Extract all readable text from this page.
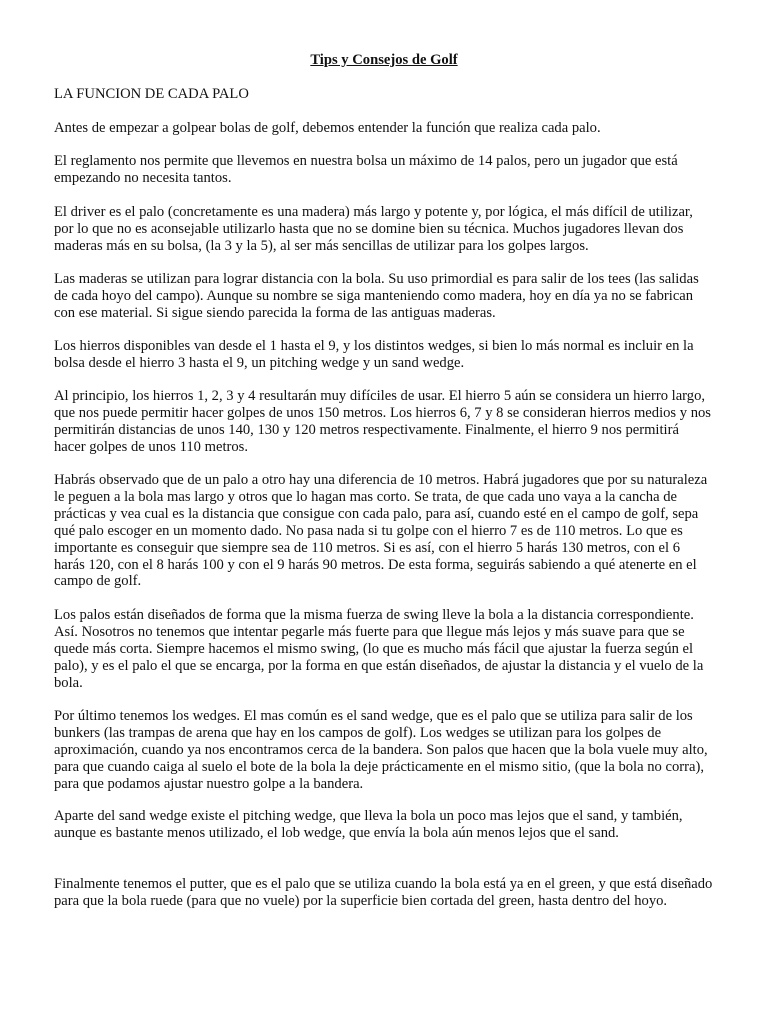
Tips y Consejos de Golf
LA FUNCION DE CADA PALO

Antes de empezar a golpear bolas de golf, debemos entender la función que realiza cada palo.

El reglamento nos permite que llevemos en nuestra bolsa un máximo de 14 palos, pero un jugador que está empezando no necesita tantos.

El driver es el palo (concretamente es una madera) más largo y potente y, por lógica, el más difícil de utilizar, por lo que no es aconsejable utilizarlo hasta que no se domine bien su técnica. Muchos jugadores llevan dos maderas más en su bolsa, (la 3 y la 5), al ser más sencillas de utilizar para los golpes largos.

Las maderas se utilizan para lograr distancia con la bola. Su uso primordial es para salir de los tees (las salidas de cada hoyo del campo). Aunque su nombre se siga manteniendo como madera, hoy en día ya no se fabrican con ese material. Si sigue siendo parecida la forma de las antiguas maderas.

Los hierros disponibles van desde el 1 hasta el 9, y los distintos wedges, si bien lo más normal es incluir en la bolsa desde el hierro 3 hasta el 9, un pitching wedge y un sand wedge.

Al principio, los hierros 1, 2, 3 y 4 resultarán muy difíciles de usar. El hierro 5 aún se considera un hierro largo, que nos puede permitir hacer golpes de unos 150 metros. Los hierros 6, 7 y 8 se consideran hierros medios y nos permitirán distancias de unos 140, 130 y 120 metros respectivamente. Finalmente, el hierro 9 nos permitirá hacer golpes de unos 110 metros.

Habrás observado que de un palo a otro hay una diferencia de 10 metros. Habrá jugadores que por su naturaleza le peguen a la bola mas largo y otros que lo hagan mas corto. Se trata, de que cada uno vaya a la cancha de prácticas y vea cual es la distancia que consigue con cada palo, para así, cuando esté en el campo de golf, sepa qué palo escoger en un momento dado. No pasa nada si tu golpe con el hierro 7 es de 110 metros. Lo que es importante es conseguir que siempre sea de 110 metros. Si es así, con el hierro 5 harás 130 metros, con el 6 harás 120, con el 8 harás 100 y con el 9 harás 90 metros. De esta forma, seguirás sabiendo a qué atenerte en el campo de golf.

Los palos están diseñados de forma que la misma fuerza de swing lleve la bola a la distancia correspondiente. Así. Nosotros no tenemos que intentar pegarle más fuerte para que llegue más lejos y más suave para que se quede más corta. Siempre hacemos el mismo swing, (lo que es mucho más fácil que ajustar la fuerza según el palo), y es el palo el que se encarga, por la forma en que están diseñados, de ajustar la distancia y el vuelo de la bola.

Por último tenemos los wedges. El mas común es el sand wedge, que es el palo que se utiliza para salir de los bunkers (las trampas de arena que hay en los campos de golf). Los wedges se utilizan para los golpes de aproximación, cuando ya nos encontramos cerca de la bandera. Son palos que hacen que la bola vuele muy alto, para que cuando caiga al suelo el bote de la bola la deje prácticamente en el mismo sitio, (que la bola no corra), para que podamos ajustar nuestro golpe a la bandera.

Aparte del sand wedge existe el pitching wedge, que lleva la bola un poco mas lejos que el sand, y también, aunque es bastante menos utilizado, el lob wedge, que envía la bola aún menos lejos que el sand.

Finalmente tenemos el putter, que es el palo que se utiliza cuando la bola está ya en el green, y que está diseñado para que la bola ruede (para que no vuele) por la superficie bien cortada del green, hasta dentro del hoyo.
